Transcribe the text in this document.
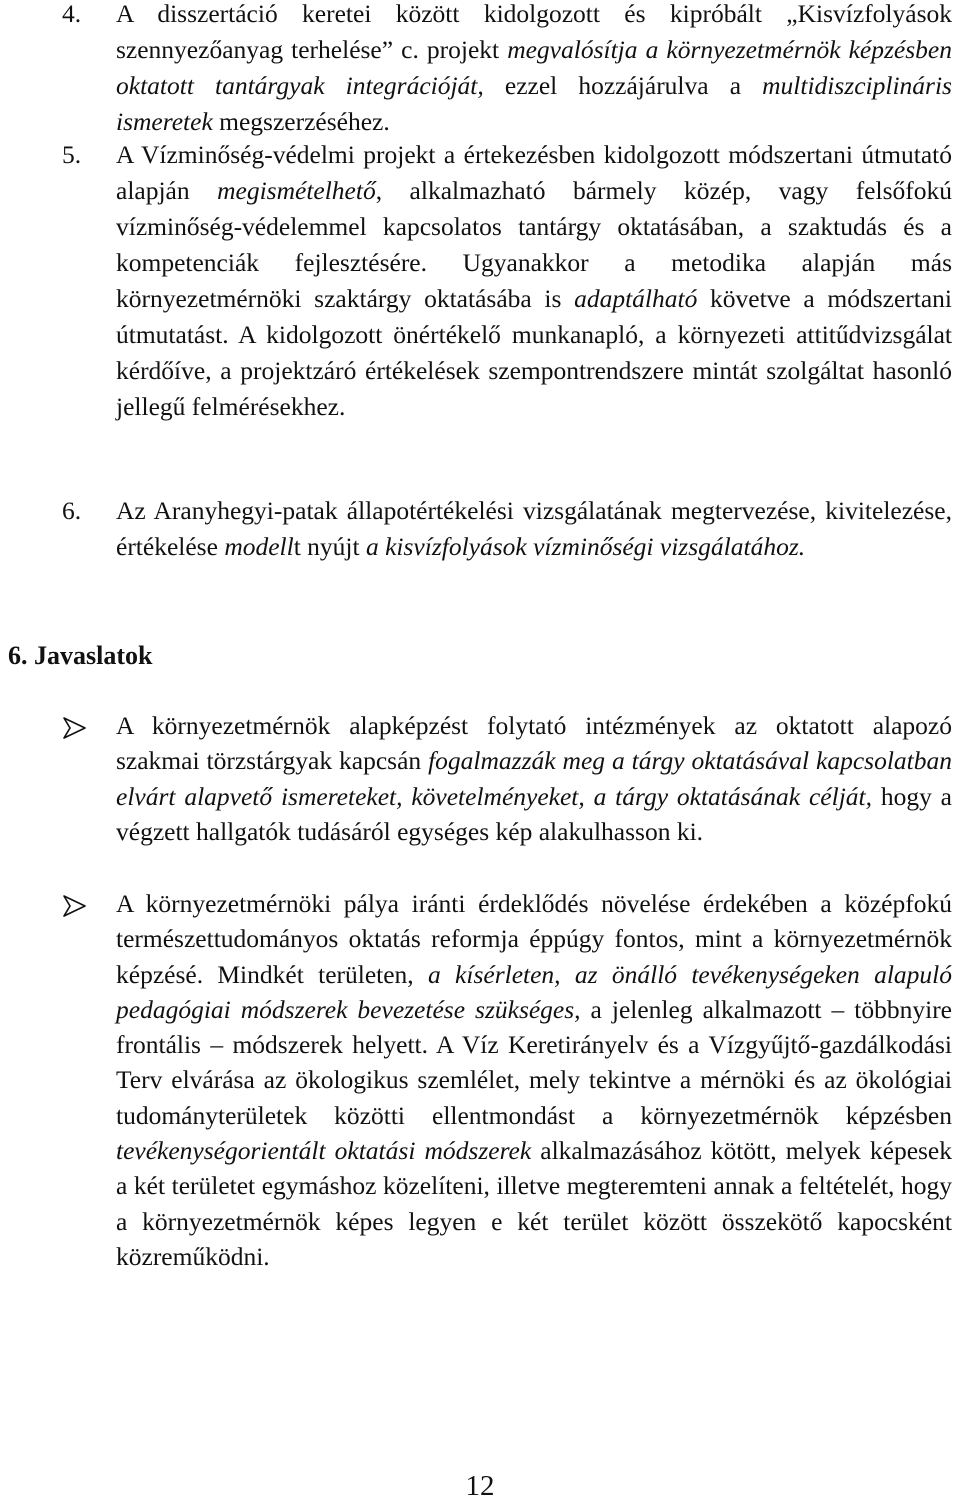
4.	A disszertáció keretei között kidolgozott és kipróbált „Kisvízfolyások szennyezőanyag terhelése” c. projekt megvalósítja a környezetmérnök képzésben oktatott tantárgyak integrációját, ezzel hozzájárulva a multidiszciplináris ismeretek megszerzéséhez.
5.	A Vízminőség-védelmi projekt a értekezésben kidolgozott módszertani útmutató alapján megismételhető, alkalmazható bármely közép, vagy felsőfokú vízminőség-védelemmel kapcsolatos tantárgy oktatásában, a szaktudás és a kompetenciák fejlesztésére. Ugyanakkor a metodika alapján más környezetmérnöki szaktárgy oktatásába is adaptálható követve a módszertani útmutatást. A kidolgozott önértékelő munkanapló, a környezeti attitűdvizsgálat kérdőíve, a projektzáró értékelések szempontrendszere mintát szolgáltat hasonló jellegű felmérésekhez.
6.	Az Aranyhegyi-patak állapotértékelési vizsgálatának megtervezése, kivitelezése, értékelése modellt nyújt a kisvízfolyások vízminőségi vizsgálatához.
6. Javaslatok
A környezetmérnök alapképzést folytató intézmények az oktatott alapozó szakmai törzstárgyak kapcsán fogalmazzák meg a tárgy oktatásával kapcsolatban elvárt alapvető ismereteket, követelményeket, a tárgy oktatásának célját, hogy a végzett hallgatók tudásáról egységes kép alakulhasson ki.
A környezetmérnöki pálya iránti érdeklődés növelése érdekében a középfokú természettudományos oktatás reformja éppúgy fontos, mint a környezetmérnök képzésé. Mindkét területen, a kísérleten, az önálló tevékenységeken alapuló pedagógiai módszerek bevezetése szükséges, a jelenleg alkalmazott – többnyire frontális – módszerek helyett. A Víz Keretirányelv és a Vízgyűjtő-gazdálkodási Terv elvárása az ökologikus szemlélet, mely tekintve a mérnöki és az ökológiai tudományterületek közötti ellentmondást a környezetmérnök képzésben tevékenységorientált oktatási módszerek alkalmazásához kötött, melyek képesek a két területet egymáshoz közelíteni, illetve megteremteni annak a feltételét, hogy a környezetmérnök képes legyen e két terület között összekötő kapocsként közreműködni.
12
